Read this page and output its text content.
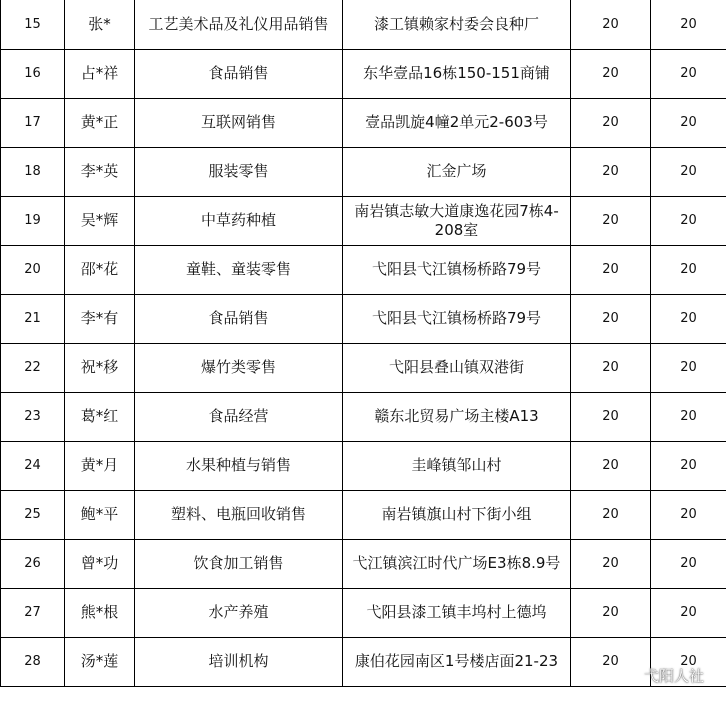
15	张*	工艺美术品及礼仪用品销售	漆工镇赖家村委会良种厂	20	20
16	占*祥	食品销售	东华壹品16栋150-151商铺	20	20
17	黄*正	互联网销售	壹品凯旋4幢2单元2-603号	20	20
18	李*英	服装零售	汇金广场	20	20
19	吴*辉	中草药种植	南岩镇志敏大道康逸花园7栋4-208室	20	20
20	邵*花	童鞋、童装零售	弋阳县弋江镇杨桥路79号	20	20
21	李*有	食品销售	弋阳县弋江镇杨桥路79号	20	20
22	祝*移	爆竹类零售	弋阳县叠山镇双港街	20	20
23	葛*红	食品经营	赣东北贸易广场主楼A13	20	20
24	黄*月	水果种植与销售	圭峰镇邹山村	20	20
25	鲍*平	塑料、电瓶回收销售	南岩镇旗山村下街小组	20	20
26	曾*功	饮食加工销售	弋江镇滨江时代广场E3栋8.9号	20	20
27	熊*根	水产养殖	弋阳县漆工镇丰坞村上德坞	20	20
28	汤*莲	培训机构	康伯花园南区1号楼店面21-23	20	20
弋阳人社
